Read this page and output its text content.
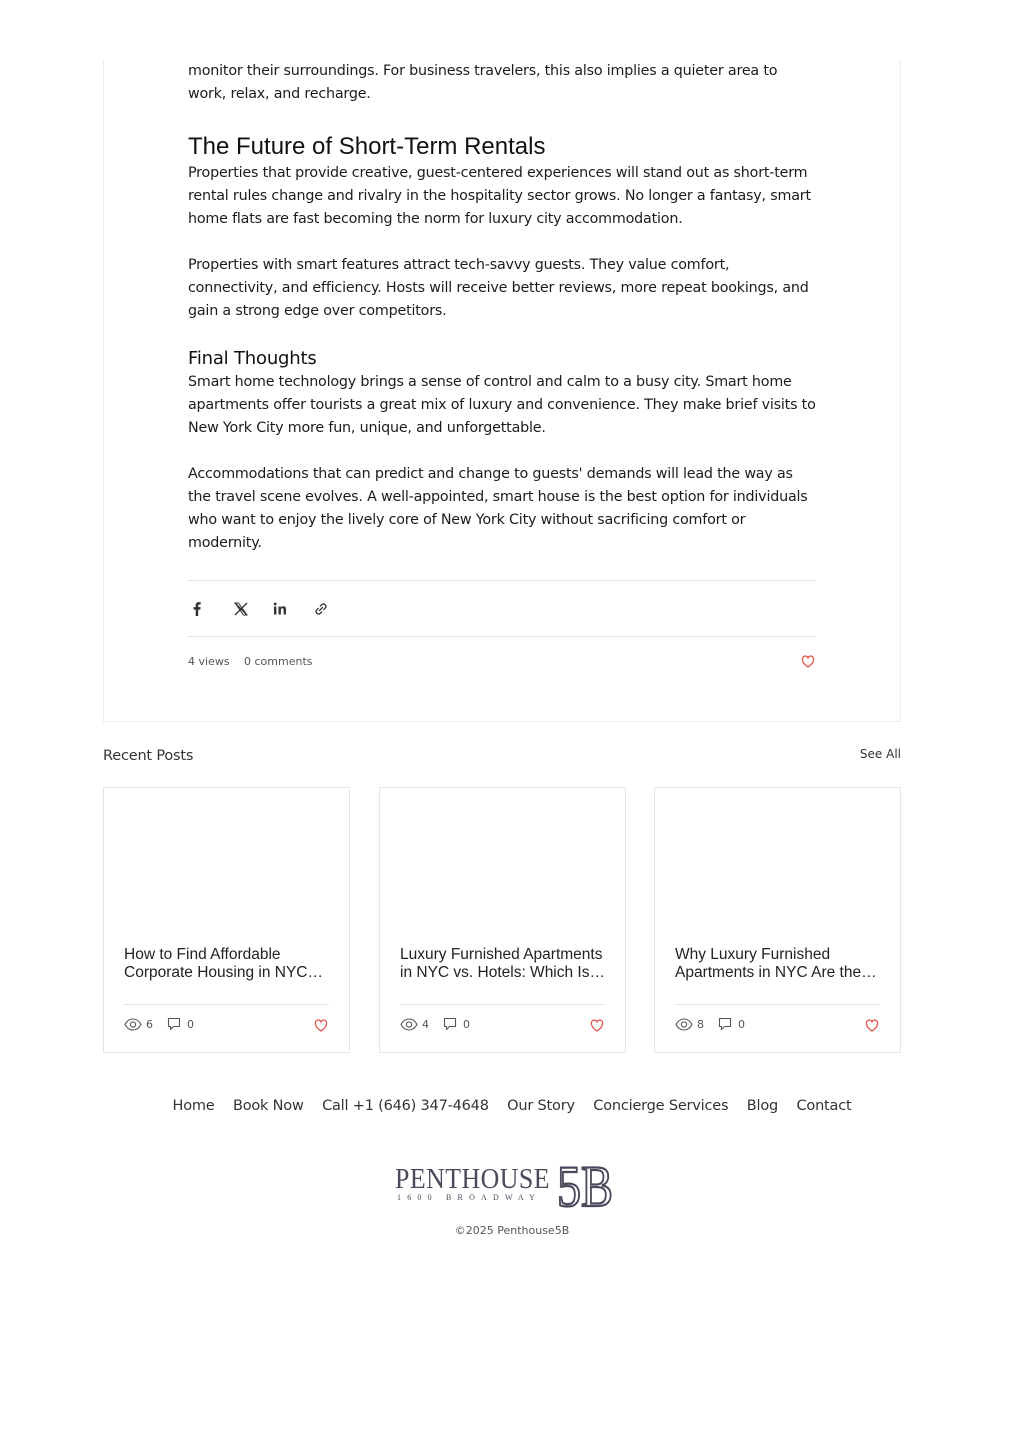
monitor their surroundings. For business travelers, this also implies a quieter area to work, relax, and recharge.

The Future of Short-Term Rentals

Properties that provide creative, guest-centered experiences will stand out as short-term rental rules change and rivalry in the hospitality sector grows. No longer a fantasy, smart home flats are fast becoming the norm for luxury city accommodation.

Properties with smart features attract tech-savvy guests. They value comfort, connectivity, and efficiency. Hosts will receive better reviews, more repeat bookings, and gain a strong edge over competitors.

Final Thoughts

Smart home technology brings a sense of control and calm to a busy city. Smart home apartments offer tourists a great mix of luxury and convenience. They make brief visits to New York City more fun, unique, and unforgettable.

Accommodations that can predict and change to guests' demands will lead the way as the travel scene evolves. A well-appointed, smart house is the best option for individuals who want to enjoy the lively core of New York City without sacrificing comfort or modernity.

4 views 0 comments
Recent Posts	See All
How to Find Affordable
Corporate Housing in NYC…
6	0
Luxury Furnished Apartments
in NYC vs. Hotels: Which Is…
4	0
Why Luxury Furnished
Apartments in NYC Are the…
8	0
Home Book Now Call +1 (646) 347-4648 Our Story Concierge Services Blog Contact
PENTHOUSE
1600 BROADWAY 5B
©2025 Penthouse5B
